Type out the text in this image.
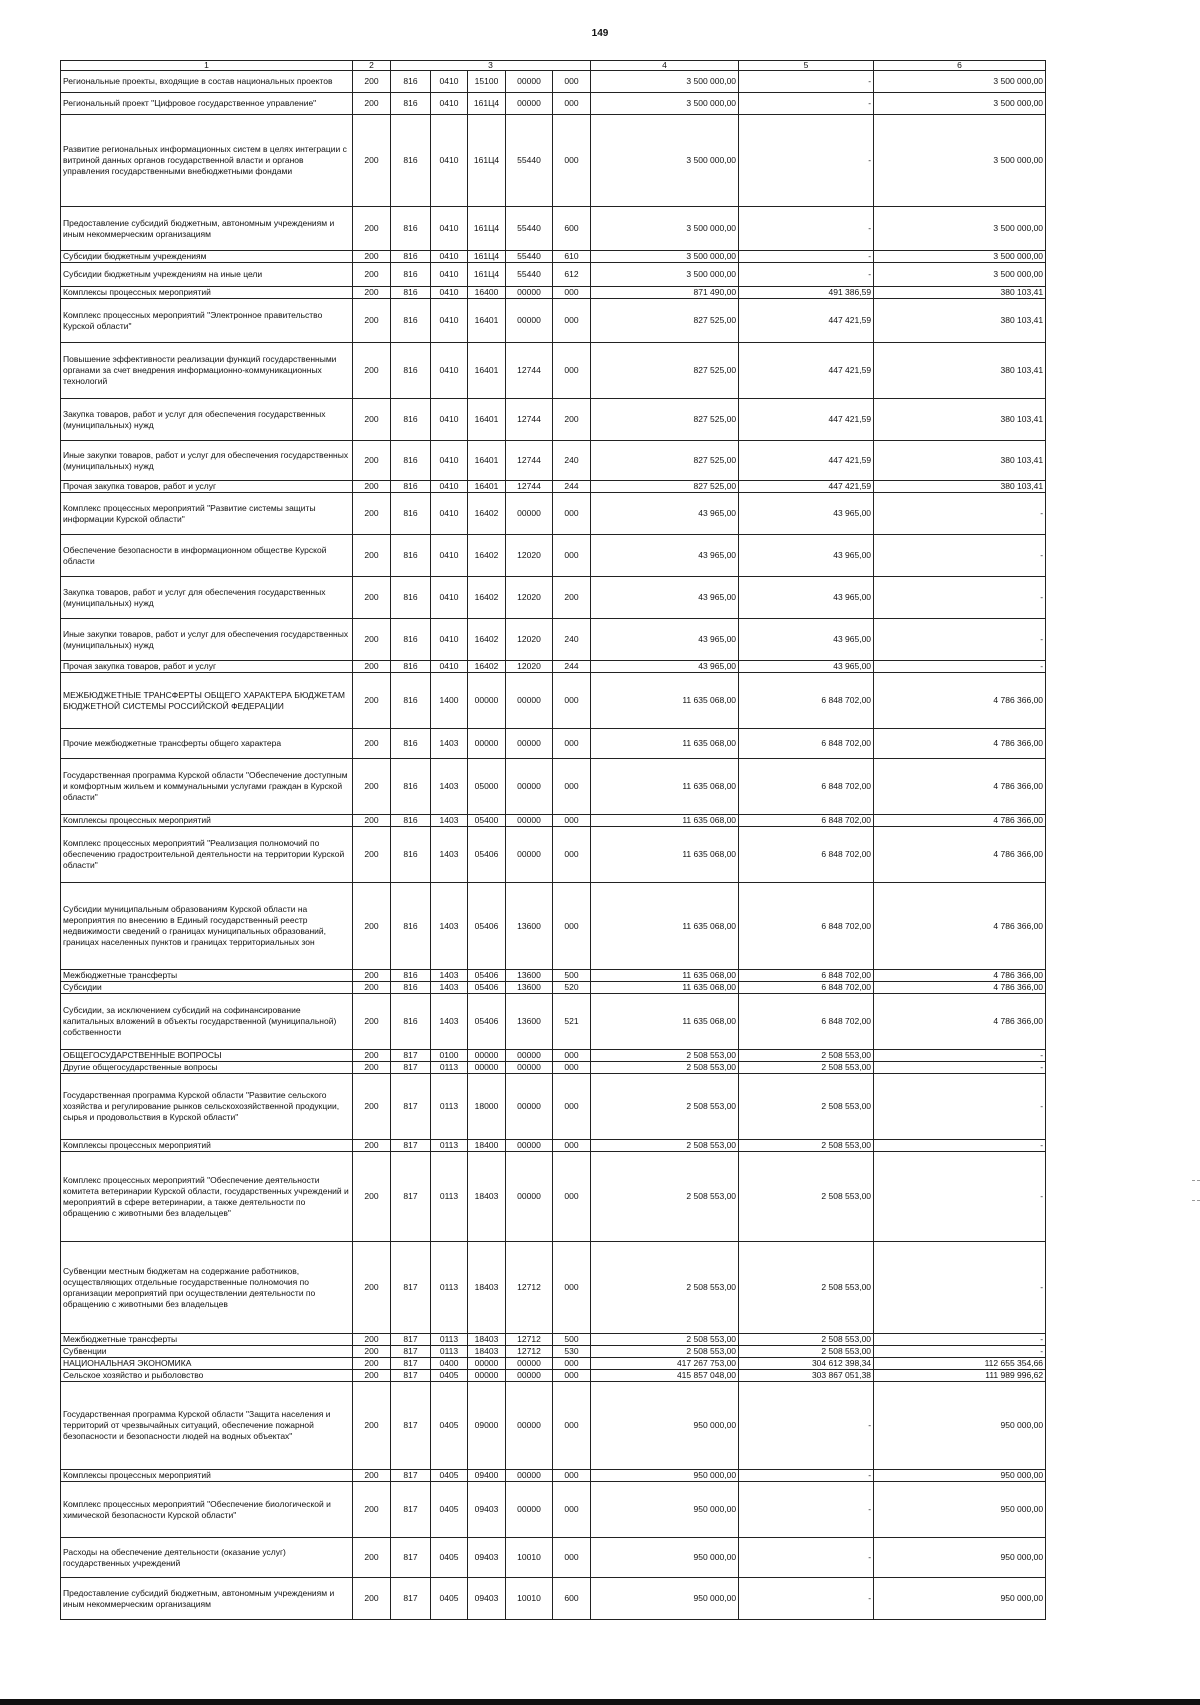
149
1	2	3					4	5	6
Региональные проекты, входящие в состав национальных проектов	200	816	0410	15100	00000	000	3 500 000,00	-	3 500 000,00
Региональный проект "Цифровое государственное управление"	200	816	0410	161Ц4	00000	000	3 500 000,00	-	3 500 000,00
Развитие региональных информационных систем в целях интеграции с витриной данных органов государственной власти и органов управления государственными внебюджетными фондами	200	816	0410	161Ц4	55440	000	3 500 000,00	-	3 500 000,00
Предоставление субсидий бюджетным, автономным учреждениям и иным некоммерческим организациям	200	816	0410	161Ц4	55440	600	3 500 000,00	-	3 500 000,00
Субсидии бюджетным учреждениям	200	816	0410	161Ц4	55440	610	3 500 000,00	-	3 500 000,00
Субсидии бюджетным учреждениям на иные цели	200	816	0410	161Ц4	55440	612	3 500 000,00	-	3 500 000,00
Комплексы процессных мероприятий	200	816	0410	16400	00000	000	871 490,00	491 386,59	380 103,41
Комплекс процессных мероприятий "Электронное правительство Курской области"	200	816	0410	16401	00000	000	827 525,00	447 421,59	380 103,41
Повышение эффективности реализации функций государственными органами за счет внедрения информационно-коммуникационных технологий	200	816	0410	16401	12744	000	827 525,00	447 421,59	380 103,41
Закупка товаров, работ и услуг для обеспечения государственных (муниципальных) нужд	200	816	0410	16401	12744	200	827 525,00	447 421,59	380 103,41
Иные закупки товаров, работ и услуг для обеспечения государственных (муниципальных) нужд	200	816	0410	16401	12744	240	827 525,00	447 421,59	380 103,41
Прочая закупка товаров, работ и услуг	200	816	0410	16401	12744	244	827 525,00	447 421,59	380 103,41
Комплекс процессных мероприятий "Развитие системы защиты информации Курской области"	200	816	0410	16402	00000	000	43 965,00	43 965,00	-
Обеспечение безопасности в информационном обществе Курской области	200	816	0410	16402	12020	000	43 965,00	43 965,00	-
Закупка товаров, работ и услуг для обеспечения государственных (муниципальных) нужд	200	816	0410	16402	12020	200	43 965,00	43 965,00	-
Иные закупки товаров, работ и услуг для обеспечения государственных (муниципальных) нужд	200	816	0410	16402	12020	240	43 965,00	43 965,00	-
Прочая закупка товаров, работ и услуг	200	816	0410	16402	12020	244	43 965,00	43 965,00	-
МЕЖБЮДЖЕТНЫЕ ТРАНСФЕРТЫ ОБЩЕГО ХАРАКТЕРА БЮДЖЕТАМ БЮДЖЕТНОЙ СИСТЕМЫ РОССИЙСКОЙ ФЕДЕРАЦИИ	200	816	1400	00000	00000	000	11 635 068,00	6 848 702,00	4 786 366,00
Прочие межбюджетные трансферты общего характера	200	816	1403	00000	00000	000	11 635 068,00	6 848 702,00	4 786 366,00
Государственная программа Курской области "Обеспечение доступным и комфортным жильем и коммунальными услугами граждан в Курской области"	200	816	1403	05000	00000	000	11 635 068,00	6 848 702,00	4 786 366,00
Комплексы процессных мероприятий	200	816	1403	05400	00000	000	11 635 068,00	6 848 702,00	4 786 366,00
Комплекс процессных мероприятий "Реализация полномочий по обеспечению градостроительной деятельности на территории Курской области"	200	816	1403	05406	00000	000	11 635 068,00	6 848 702,00	4 786 366,00
Субсидии муниципальным образованиям Курской области на мероприятия по внесению в Единый государственный реестр недвижимости сведений о границах муниципальных образований, границах населенных пунктов и границах территориальных зон	200	816	1403	05406	13600	000	11 635 068,00	6 848 702,00	4 786 366,00
Межбюджетные трансферты	200	816	1403	05406	13600	500	11 635 068,00	6 848 702,00	4 786 366,00
Субсидии	200	816	1403	05406	13600	520	11 635 068,00	6 848 702,00	4 786 366,00
Субсидии, за исключением субсидий на софинансирование капитальных вложений в объекты государственной (муниципальной) собственности	200	816	1403	05406	13600	521	11 635 068,00	6 848 702,00	4 786 366,00
ОБЩЕГОСУДАРСТВЕННЫЕ ВОПРОСЫ	200	817	0100	00000	00000	000	2 508 553,00	2 508 553,00	-
Другие общегосударственные вопросы	200	817	0113	00000	00000	000	2 508 553,00	2 508 553,00	-
Государственная программа Курской области "Развитие сельского хозяйства и регулирование рынков сельскохозяйственной продукции, сырья и продовольствия в Курской области"	200	817	0113	18000	00000	000	2 508 553,00	2 508 553,00	-
Комплексы процессных мероприятий	200	817	0113	18400	00000	000	2 508 553,00	2 508 553,00	-
Комплекс процессных мероприятий "Обеспечение деятельности комитета ветеринарии Курской области, государственных учреждений и мероприятий в сфере ветеринарии, а также деятельности по обращению с животными без владельцев"	200	817	0113	18403	00000	000	2 508 553,00	2 508 553,00	-
Субвенции местным бюджетам на содержание работников, осуществляющих отдельные государственные полномочия по организации мероприятий при осуществлении деятельности по обращению с животными без владельцев	200	817	0113	18403	12712	000	2 508 553,00	2 508 553,00	-
Межбюджетные трансферты	200	817	0113	18403	12712	500	2 508 553,00	2 508 553,00	-
Субвенции	200	817	0113	18403	12712	530	2 508 553,00	2 508 553,00	-
НАЦИОНАЛЬНАЯ ЭКОНОМИКА	200	817	0400	00000	00000	000	417 267 753,00	304 612 398,34	112 655 354,66
Сельское хозяйство и рыболовство	200	817	0405	00000	00000	000	415 857 048,00	303 867 051,38	111 989 996,62
Государственная программа Курской области "Защита населения и территорий от чрезвычайных ситуаций, обеспечение пожарной безопасности и безопасности людей на водных объектах"	200	817	0405	09000	00000	000	950 000,00	-	950 000,00
Комплексы процессных мероприятий	200	817	0405	09400	00000	000	950 000,00	-	950 000,00
Комплекс процессных мероприятий "Обеспечение биологической и химической безопасности Курской области"	200	817	0405	09403	00000	000	950 000,00	-	950 000,00
Расходы на обеспечение деятельности (оказание услуг) государственных учреждений	200	817	0405	09403	10010	000	950 000,00	-	950 000,00
Предоставление субсидий бюджетным, автономным учреждениям и иным некоммерческим организациям	200	817	0405	09403	10010	600	950 000,00	-	950 000,00
